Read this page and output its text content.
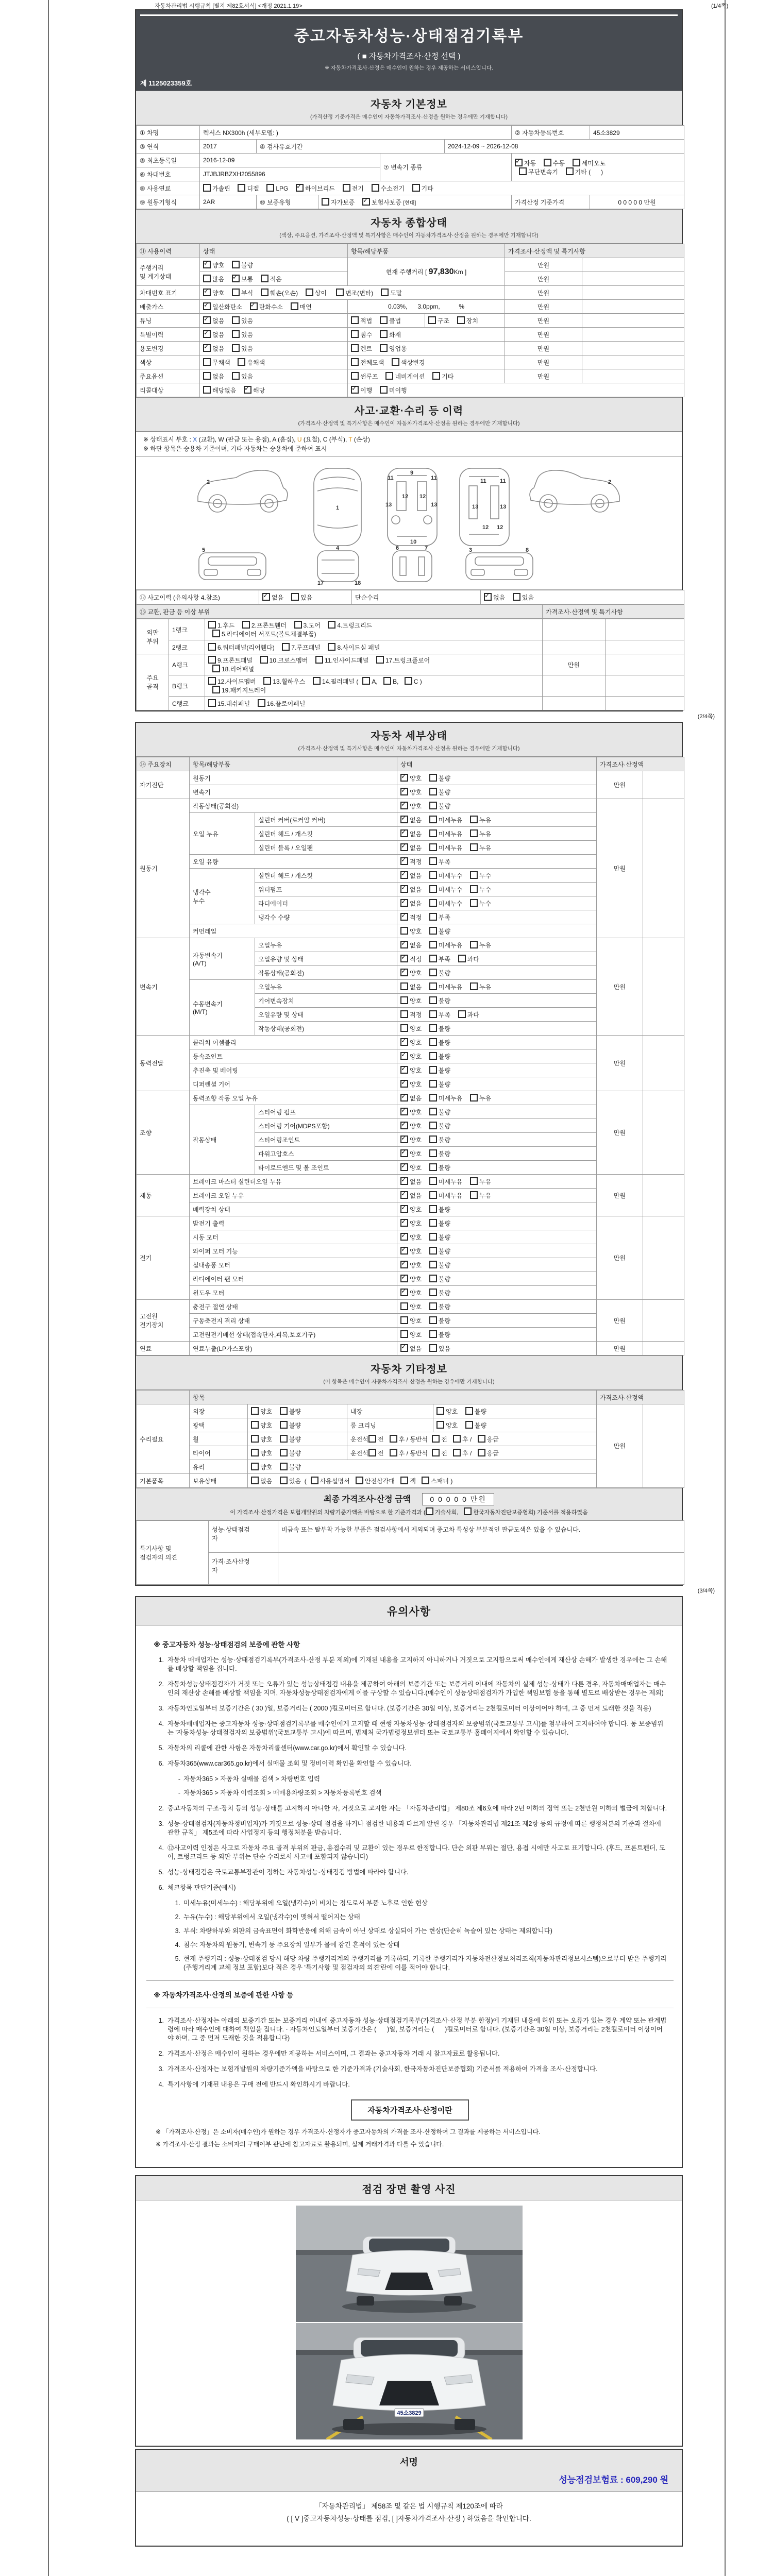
자동차관리법 시행규칙 [별지 제82호서식] <개정 2021.1.19>	(1/4쪽)
중고자동차성능·상태점검기록부
( ■ 자동차가격조사·산정 선택 )
※ 자동차가격조사·산정은 매수인이 원하는 경우 제공하는 서비스입니다.
제 1125023359호
자동차 기본정보
(가격산정 기준가격은 매수인이 자동차가격조사·산정을 원하는 경우에만 기재합니다)
① 차명	렉서스 NX300h (세부모델: )					② 자동차등록번호	45소3829
③ 연식	2017	④ 검사유효기간			2024-12-09 ~ 2026-12-08		
⑤ 최초등록일	2016-12-09			⑦ 변속기 종류	✓자동  수동  세미오토
무단변속기  기타 (      )
⑥ 차대번호	JTJBJRBZXH2055896						
⑧ 사용연료	가솔린  디젤  LPG   ✓하이브리드  전기  수소전기  기타
⑨ 원동기형식	2AR	⑩ 보증유형	자가보증   ✓보험사보증 [현대]			가격산정 기준가격	0 0 0 0 0 만원
자동차 종합상태
(색상, 주요옵션, 가격조사·산정액 및 특기사항은 매수인이 자동차가격조사·산정을 원하는 경우에만 기재합니다)
⑪ 사용이력	상태	항목/해당부품		가격조사·산정액 및 특기사항	
주행거리
및 계기상태	✓양호  불량	현재 주행거리 [ 97,830Km ]		만원	
	많음   ✓보통  적음			만원	
차대번호 표기	✓양호  부식  훼손(오손)  상이   변조(변타)  도말			만원	
배출가스	✓일산화탄소   ✓탄화수소  매연	0.03%,      3.0ppm,           %		만원	
튜닝	✓없음  있음	적법  불법	구조  장치	만원	
특별이력	✓없음  있음	침수  화재		만원	
용도변경	✓없음  있음	렌트  영업용		만원	
색상	무채색  유채색	전체도색  색상변경		만원	
주요옵션	없음  있음	썬루프  네비게이션  기타		만원	
리콜대상	해당없음   ✓해당	✓이행  미이행
사고·교환·수리 등 이력
(가격조사·산정액 및 특기사항은 매수인이 자동차가격조사·산정을 원하는 경우에만 기재합니다)
※ 상태표시 부호 : X (교환), W (판금 또는 용접), A (흠집), U (요철), C (부식), T (손상)
※ 하단 항목은 승용차 기준이며, 기타 자동차는 승용차에 준하여 표시
2
1
11	11
13	13
12 12
9
10
11 11
13	13
12 12
2
5	4	6	7	3	8
17	18
⑫ 사고이력 (유의사항 4.참조)	✓없음  있음	단순수리	✓없음  있음
⑬ 교환, 판금 등 이상 부위	가격조사·산정액 및 특기사항
외판
부위	1랭크	1.후드  2.프론트휀더  3.도어  4.트렁크리드
5.라디에이터 서포트(볼트체결부품)		
	2랭크	6.쿼터패널(리어휀다)  7.루프패널  8.사이드실 패널		
주요
골격	A랭크	9.프론트패널  10.크로스멤버  11.인사이드패널  17.트렁크플로어
18.리어패널	만원	
	B랭크	12.사이드멤버  13.휠하우스  14.필러패널 ( A, B, C )
19.패키지트레이		
	C랭크	15.대쉬패널  16.플로어패널		
(2/4쪽)
자동차 세부상태
(가격조사·산정액 및 특기사항은 매수인이 자동차가격조사·산정을 원하는 경우에만 기재합니다)
⑭ 주요장치	항목/해당부품		상태	가격조사·산정액	
자기진단	원동기	✓양호  불량	만원	
	변속기	✓양호  불량
원동기	작동상태(공회전)	✓양호  불량	만원	
	오일 누유	실린더 커버(로커암 커버)	✓없음  미세누유  누유
		실린더 헤드 / 개스킷	✓없음  미세누유  누유
		실린더 블록 / 오일팬	✓없음  미세누유  누유
	오일 유량	✓적정  부족
	냉각수
누수	실린더 헤드 / 개스킷	✓없음  미세누수  누수
		워터펌프	✓없음  미세누수  누수
		라디에이터	✓없음  미세누수  누수
		냉각수 수량	✓적정  부족
	커먼레일		양호  불량		
변속기	자동변속기
(A/T)	오일누유	✓없음  미세누유  누유	만원	
		오일유량 및 상태	✓적정  부족  과다
		작동상태(공회전)	✓양호  불량
	수동변속기
(M/T)	오일누유	없음  미세누유  누유		
		기어변속장치	양호  불량		
		오일유량 및 상태	적정  부족  과다		
		작동상태(공회전)	양호  불량		
동력전달	클러치 어셈블리	✓양호  불량	만원	
	등속조인트	✓양호  불량
	추진축 및 베어링	✓양호  불량
	디퍼렌셜 기어	✓양호  불량
조향	동력조향 작동 오일 누유	✓없음  미세누유  누유	만원	
	작동상태	스티어링 펌프	✓양호  불량
		스티어링 기어(MDPS포함)	✓양호  불량
		스티어링조인트	✓양호  불량
		파워고압호스	✓양호  불량
		타이로드엔드 및 볼 조인트	✓양호  불량
제동	브레이크 마스터 실린더오일 누유	✓없음  미세누유  누유	만원	
	브레이크 오일 누유	✓없음  미세누유  누유
	배력장치 상태	✓양호  불량
전기	발전기 출력	✓양호  불량	만원	
	시동 모터	✓양호  불량
	와이퍼 모터 기능	✓양호  불량
	실내송풍 모터	✓양호  불량
	라디에이터 팬 모터	✓양호  불량
	윈도우 모터	✓양호  불량
고전원
전기장치	충전구 절연 상태		양호  불량	만원	
	구동축전지 격리 상태		양호  불량		
	고전원전기배선 상태(접속단자,피복,보호기구)		양호  불량		
연료	연료누출(LP가스포함)	✓없음  있음	만원	
자동차 기타정보
(이 항목은 매수인이 자동차가격조사·산정을 원하는 경우에만 기재합니다)
	항목				가격조사·산정액	
수리필요	외장	양호  불량	내장	양호  불량	만원	
	광택	양호  불량	룸 크리닝	양호  불량		
	휠	양호  불량	운전석 전 후 / 동반석 전 후 / 응급			
	타이어	양호  불량	운전석 전 후 / 동반석 전 후 / 응급			
	유리	양호  불량				
기본품목	보유상태	없음  있음  ( 사용설명서 안전삼각대 잭 스패너 )				
최종 가격조사·산정 금액	0 0 0 0 0 만원
이 가격조사·산정가격은 보험개발원의 차량기준가액을 바탕으로 한 기준가격과 ( 기술사회, 한국자동차진단보증협회) 기준서를 적용하였음
특기사항 및
점검자의 의견	성능·상태점검
자	비금속 또는 탈부착 가능한 부품은 점검사항에서 제외되며 중고차 특성상 부분적인 판금도색은 있을 수 있습니다.
	가격·조사산정
자	
(3/4쪽)
유의사항
※ 중고자동차 성능·상태점검의 보증에 관한 사항
1. 자동차 매매업자는 성능·상태점검기록부(가격조사·산정 부분 제외)에 기재된 내용을 고지하지 아니하거나 거짓으로 고지함으로써 매수인에게 재산상 손해가 발생한 경우에는 그 손해를 배상할 책임을 집니다.
2. 자동차성능상태점검자가 거짓 또는 오류가 있는 성능상태점검 내용을 제공하여 아래의 보증기간 또는 보증거리 이내에 자동차의 실제 성능·상태가 다른 경우, 자동차매매업자는 매수인의 재산상 손해를 배상할 책임을 지며, 자동차성능상태점검자에게 이를 구상할 수 있습니다.(매수인이 성능상태점검자가 가입한 책임보험 등을 통해 별도로 배상받는 경우는 제외)
3. 자동차인도일부터 보증기간은 ( 30 )일, 보증거리는 ( 2000 )킬로미터로 합니다. (보증기간은 30일 이상, 보증거리는 2천킬로미터 이상이어야 하며, 그 중 먼저 도래한 것을 적용)
4. 자동차매매업자는 중고자동차 성능·상태점검기록부를 매수인에게 고지할 때 현행 자동차성능·상태점검자의 보증범위(국토교통부 고시)를 첨부하여 고지하여야 합니다. 동 보증범위는 '자동차성능·상태점검자의 보증범위'(국토교통부 고시)에 따르며, 법제처 국가법령정보센터 또는 국토교통부 홈페이지에서 확인할 수 있습니다.
5. 자동차의 리콜에 관한 사항은 자동차리콜센터(www.car.go.kr)에서 확인할 수 있습니다.
6. 자동차365(www.car365.go.kr)에서 실매물 조회 및 정비이력 확인을 확인할 수 있습니다.
- 자동차365 > 자동차 실매물 검색 > 차량번호 입력
- 자동차365 > 자동차 이력조회 > 매매용차량조회 > 자동차등록번호 검색
2. 중고자동차의 구조·장치 등의 성능·상태를 고지하지 아니한 자, 거짓으로 고지한 자는 「자동차관리법」 제80조 제6호에 따라 2년 이하의 징역 또는 2천만원 이하의 벌금에 처합니다.
3. 성능·상태점검자(자동차정비업자)가 거짓으로 성능·상태 점검을 하거나 점검한 내용과 다르게 알린 경우 「자동차관리법 제21조 제2항 등의 규정에 따른 행정처분의 기준과 절차에 관한 규칙」 제5조에 따라 사업정지 등의 행정처분을 받습니다.
4. ⑫사고이력 인정은 사고로 자동차 주요 골격 부위의 판금, 용접수리 및 교환이 있는 경우로 한정합니다. 단순 외판 부위는 절단, 용접 시에만 사고로 표기합니다. (후드, 프론트펜더, 도어, 트렁크리드 등 외판 부위는 단순 수리로서 사고에 포함되지 않습니다)
5. 성능·상태점검은 국토교통부장관이 정하는 자동차성능·상태점검 방법에 따라야 합니다.
6. 체크항목 판단기준(예시)
1. 미세누유(미세누수) : 해당부위에 오일(냉각수)이 비치는 정도로서 부품 노후로 인한 현상
2. 누유(누수) : 해당부위에서 오일(냉각수)이 맺혀서 떨어지는 상태
3. 부식: 차량하부와 외판의 금속표면이 화학반응에 의해 금속이 아닌 상태로 상실되어 가는 현상(단순히 녹슬어 있는 상태는 제외합니다)
4. 침수: 자동차의 원동기, 변속기 등 주요장치 일부가 물에 잠긴 흔적이 있는 상태
5. 현재 주행거리 : 성능·상태점검 당시 해당 차량 주행거리계의 주행거리를 기록하되, 기록한 주행거리가 자동차전산정보처리조직(자동차관리정보시스템)으로부터 받은 주행거리(주행거리계 교체 정보 포함)보다 적은 경우 '특기사항 및 점검자의 의견'란에 이를 적어야 합니다.
※ 자동차가격조사·산정의 보증에 관한 사항 등
1. 가격조사·산정자는 아래의 보증기간 또는 보증거리 이내에 중고자동차 성능·상태점검기록부(가격조사·산정 부분 한정)에 기재된 내용에 허위 또는 오류가 있는 경우 계약 또는 관계법령에 따라 매수인에 대하여 책임을 집니다. · 자동차인도일부터 보증기간은 (      )일, 보증거리는 (      )킬로미터로 합니다. (보증기간은 30일 이상, 보증거리는 2천킬로미터 이상이어야 하며, 그 중 먼저 도래한 것을 적용합니다)
2. 가격조사·산정은 매수인이 원하는 경우에만 제공하는 서비스이며, 그 결과는 중고자동차 거래 시 참고자료로 활용됩니다.
3. 가격조사·산정자는 보험개발원의 차량기준가액을 바탕으로 한 기준가격과 (기술사회, 한국자동차진단보증협회) 기준서를 적용하여 가격을 조사·산정합니다.
4. 특기사항에 기재된 내용은 구매 전에 반드시 확인하시기 바랍니다.
자동차가격조사·산정이란
※ 「가격조사·산정」은 소비자(매수인)가 원하는 경우 가격조사·산정자가 중고자동차의 가격을 조사·산정하여 그 결과를 제공하는 서비스입니다.
※ 가격조사·산정 결과는 소비자의 구매여부 판단에 참고자료로 활용되며, 실제 거래가격과 다를 수 있습니다.
점검 장면 촬영 사진
45소3829
서명
성능점검보험료 : 609,290 원
「자동차관리법」 제58조 및 같은 법 시행규칙 제120조에 따라
( [ V ]중고자동차성능·상태를 점검, [ ]자동차가격조사·산정 ) 하였음을 확인합니다.
